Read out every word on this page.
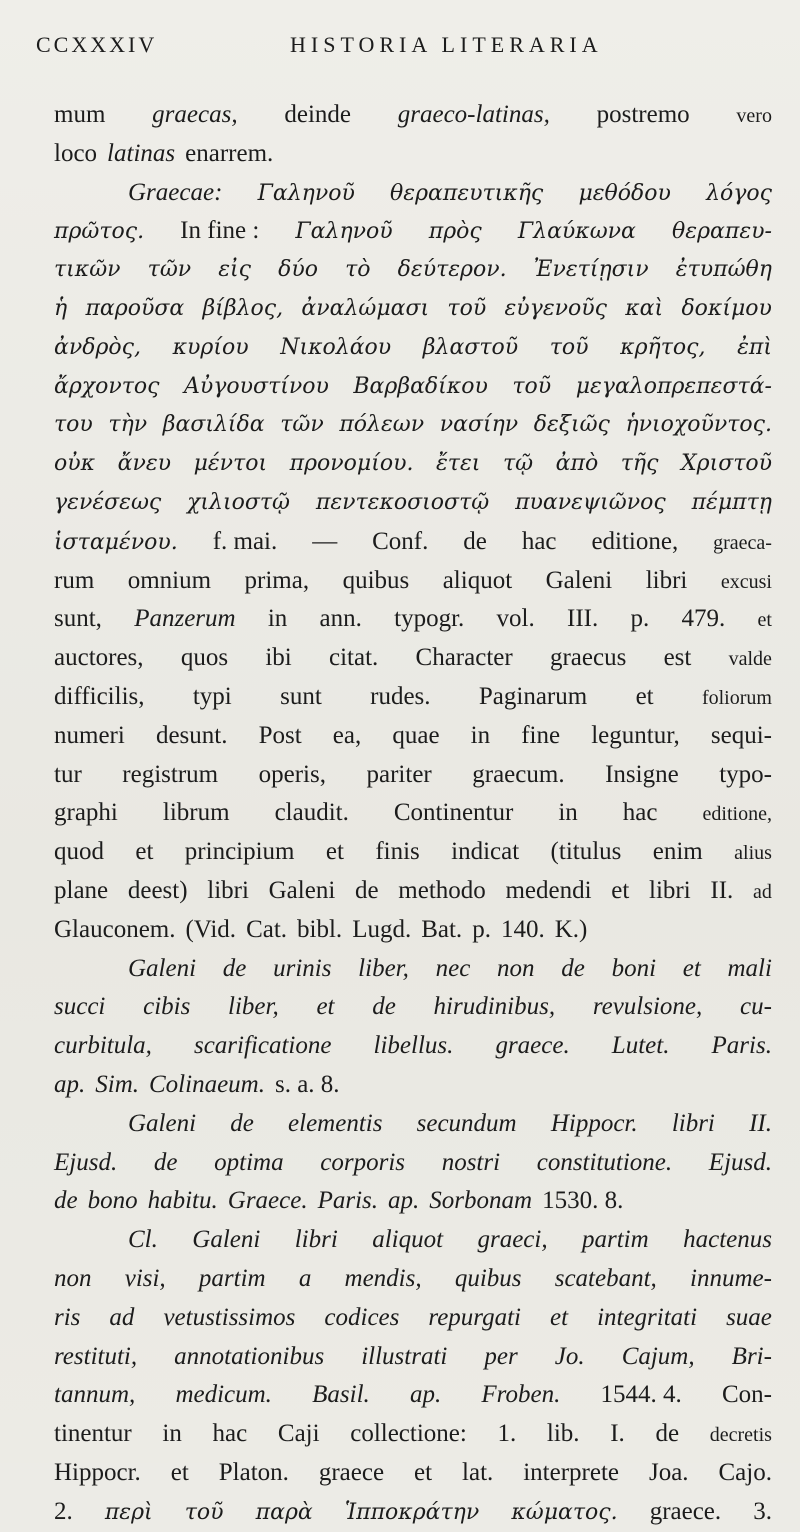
CCXXXIV	HISTORIA LITERARIA
mum graecas, deinde graeco-latinas, postremo vero
loco latinas enarrem.
Graecae: Γαληνοῦ θεραπευτικῆς μεθόδου λόγος
πρῶτος. In fine : Γαληνοῦ πρὸς Γλαύκωνα θεραπευ-
τικῶν τῶν εἰς δύο τὸ δεύτερον. Ἐνετίῃσιν ἐτυπώθη
ἡ παροῦσα βίβλος, ἀναλώμασι τοῦ εὐγενοῦς καὶ δοκίμου
ἀνδρὸς, κυρίου Νικολάου βλαστοῦ τοῦ κρῆτος, ἐπὶ
ἄρχοντος Αὐγουστίνου Βαρβαδίκου τοῦ μεγαλοπρεπεστά-
του τὴν βασιλίδα τῶν πόλεων νασίην δεξιῶς ἡνιοχοῦντος.
οὐκ ἄνευ μέντοι προνομίου. ἔτει τῷ ἀπὸ τῆς Χριστοῦ
γενέσεως χιλιοστῷ πεντεκοσιοστῷ πυανεψιῶνος πέμπτῃ
ἱσταμένου. f. mai. — Conf. de hac editione, graeca-
rum omnium prima, quibus aliquot Galeni libri excusi
sunt, Panzerum in ann. typogr. vol. III. p. 479. et
auctores, quos ibi citat. Character graecus est valde
difficilis, typi sunt rudes. Paginarum et foliorum
numeri desunt. Post ea, quae in fine leguntur, sequi-
tur registrum operis, pariter graecum. Insigne typo-
graphi librum claudit. Continentur in hac editione,
quod et principium et finis indicat (titulus enim alius
plane deest) libri Galeni de methodo medendi et libri II. ad
Glauconem. (Vid. Cat. bibl. Lugd. Bat. p. 140. K.)
Galeni de urinis liber, nec non de boni et mali
succi cibis liber, et de hirudinibus, revulsione, cu-
curbitula, scarificatione libellus. graece. Lutet. Paris.
ap. Sim. Colinaeum. s. a. 8.
Galeni de elementis secundum Hippocr. libri II.
Ejusd. de optima corporis nostri constitutione. Ejusd.
de bono habitu. Graece. Paris. ap. Sorbonam 1530. 8.
Cl. Galeni libri aliquot graeci, partim hactenus
non visi, partim a mendis, quibus scatebant, innume-
ris ad vetustissimos codices repurgati et integritati suae
restituti, annotationibus illustrati per Jo. Cajum, Bri-
tannum, medicum. Basil. ap. Froben. 1544. 4. Con-
tinentur in hac Caji collectione: 1. lib. I. de decretis
Hippocr. et Platon. graece et lat. interprete Joa. Cajo.
2. περὶ τοῦ παρὰ Ἱπποκράτην κώματος. graece. 3.
